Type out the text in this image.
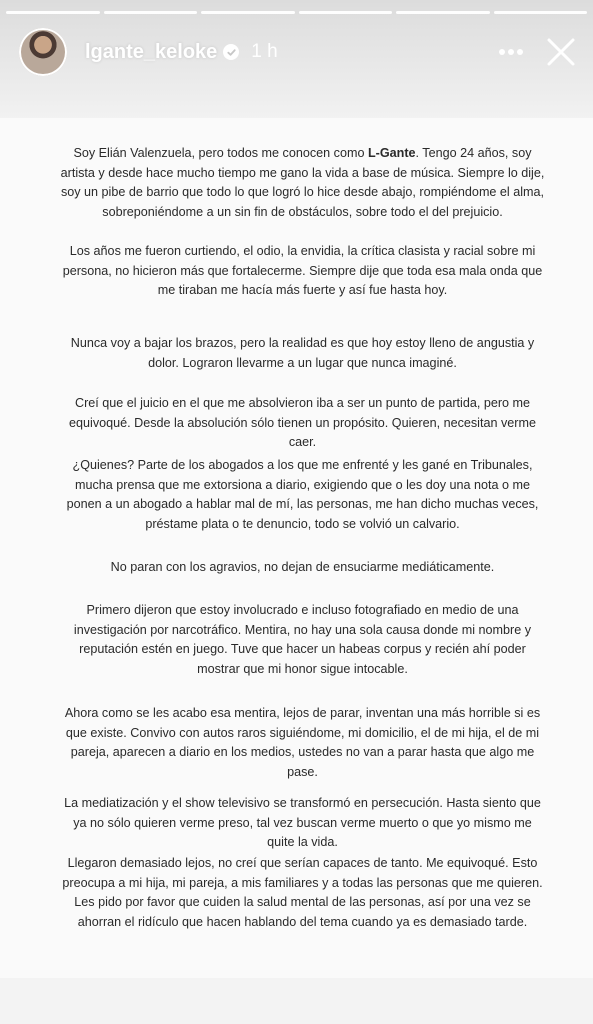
lgante_keloke 1 h

Soy Elián Valenzuela, pero todos me conocen como L-Gante. Tengo 24 años, soy artista y desde hace mucho tiempo me gano la vida a base de música. Siempre lo dije, soy un pibe de barrio que todo lo que logró lo hice desde abajo, rompiéndome el alma, sobreponiéndome a un sin fin de obstáculos, sobre todo el del prejuicio.

Los años me fueron curtiendo, el odio, la envidia, la crítica clasista y racial sobre mi persona, no hicieron más que fortalecerme. Siempre dije que toda esa mala onda que me tiraban me hacía más fuerte y así fue hasta hoy.

Nunca voy a bajar los brazos, pero la realidad es que hoy estoy lleno de angustia y dolor. Lograron llevarme a un lugar que nunca imaginé.

Creí que el juicio en el que me absolvieron iba a ser un punto de partida, pero me equivoqué. Desde la absolución sólo tienen un propósito. Quieren, necesitan verme caer.

¿Quienes? Parte de los abogados a los que me enfrenté y les gané en Tribunales, mucha prensa que me extorsiona a diario, exigiendo que o les doy una nota o me ponen a un abogado a hablar mal de mí, las personas, me han dicho muchas veces, préstame plata o te denuncio, todo se volvió un calvario.

No paran con los agravios, no dejan de ensuciarme mediáticamente.

Primero dijeron que estoy involucrado e incluso fotografiado en medio de una investigación por narcotráfico. Mentira, no hay una sola causa donde mi nombre y reputación estén en juego. Tuve que hacer un habeas corpus y recién ahí poder mostrar que mi honor sigue intocable.

Ahora como se les acabo esa mentira, lejos de parar, inventan una más horrible si es que existe. Convivo con autos raros siguiéndome, mi domicilio, el de mi hija, el de mi pareja, aparecen a diario en los medios, ustedes no van a parar hasta que algo me pase.

La mediatización y el show televisivo se transformó en persecución. Hasta siento que ya no sólo quieren verme preso, tal vez buscan verme muerto o que yo mismo me quite la vida.

Llegaron demasiado lejos, no creí que serían capaces de tanto. Me equivoqué. Esto preocupa a mi hija, mi pareja, a mis familiares y a todas las personas que me quieren. Les pido por favor que cuiden la salud mental de las personas, así por una vez se ahorran el ridículo que hacen hablando del tema cuando ya es demasiado tarde.
